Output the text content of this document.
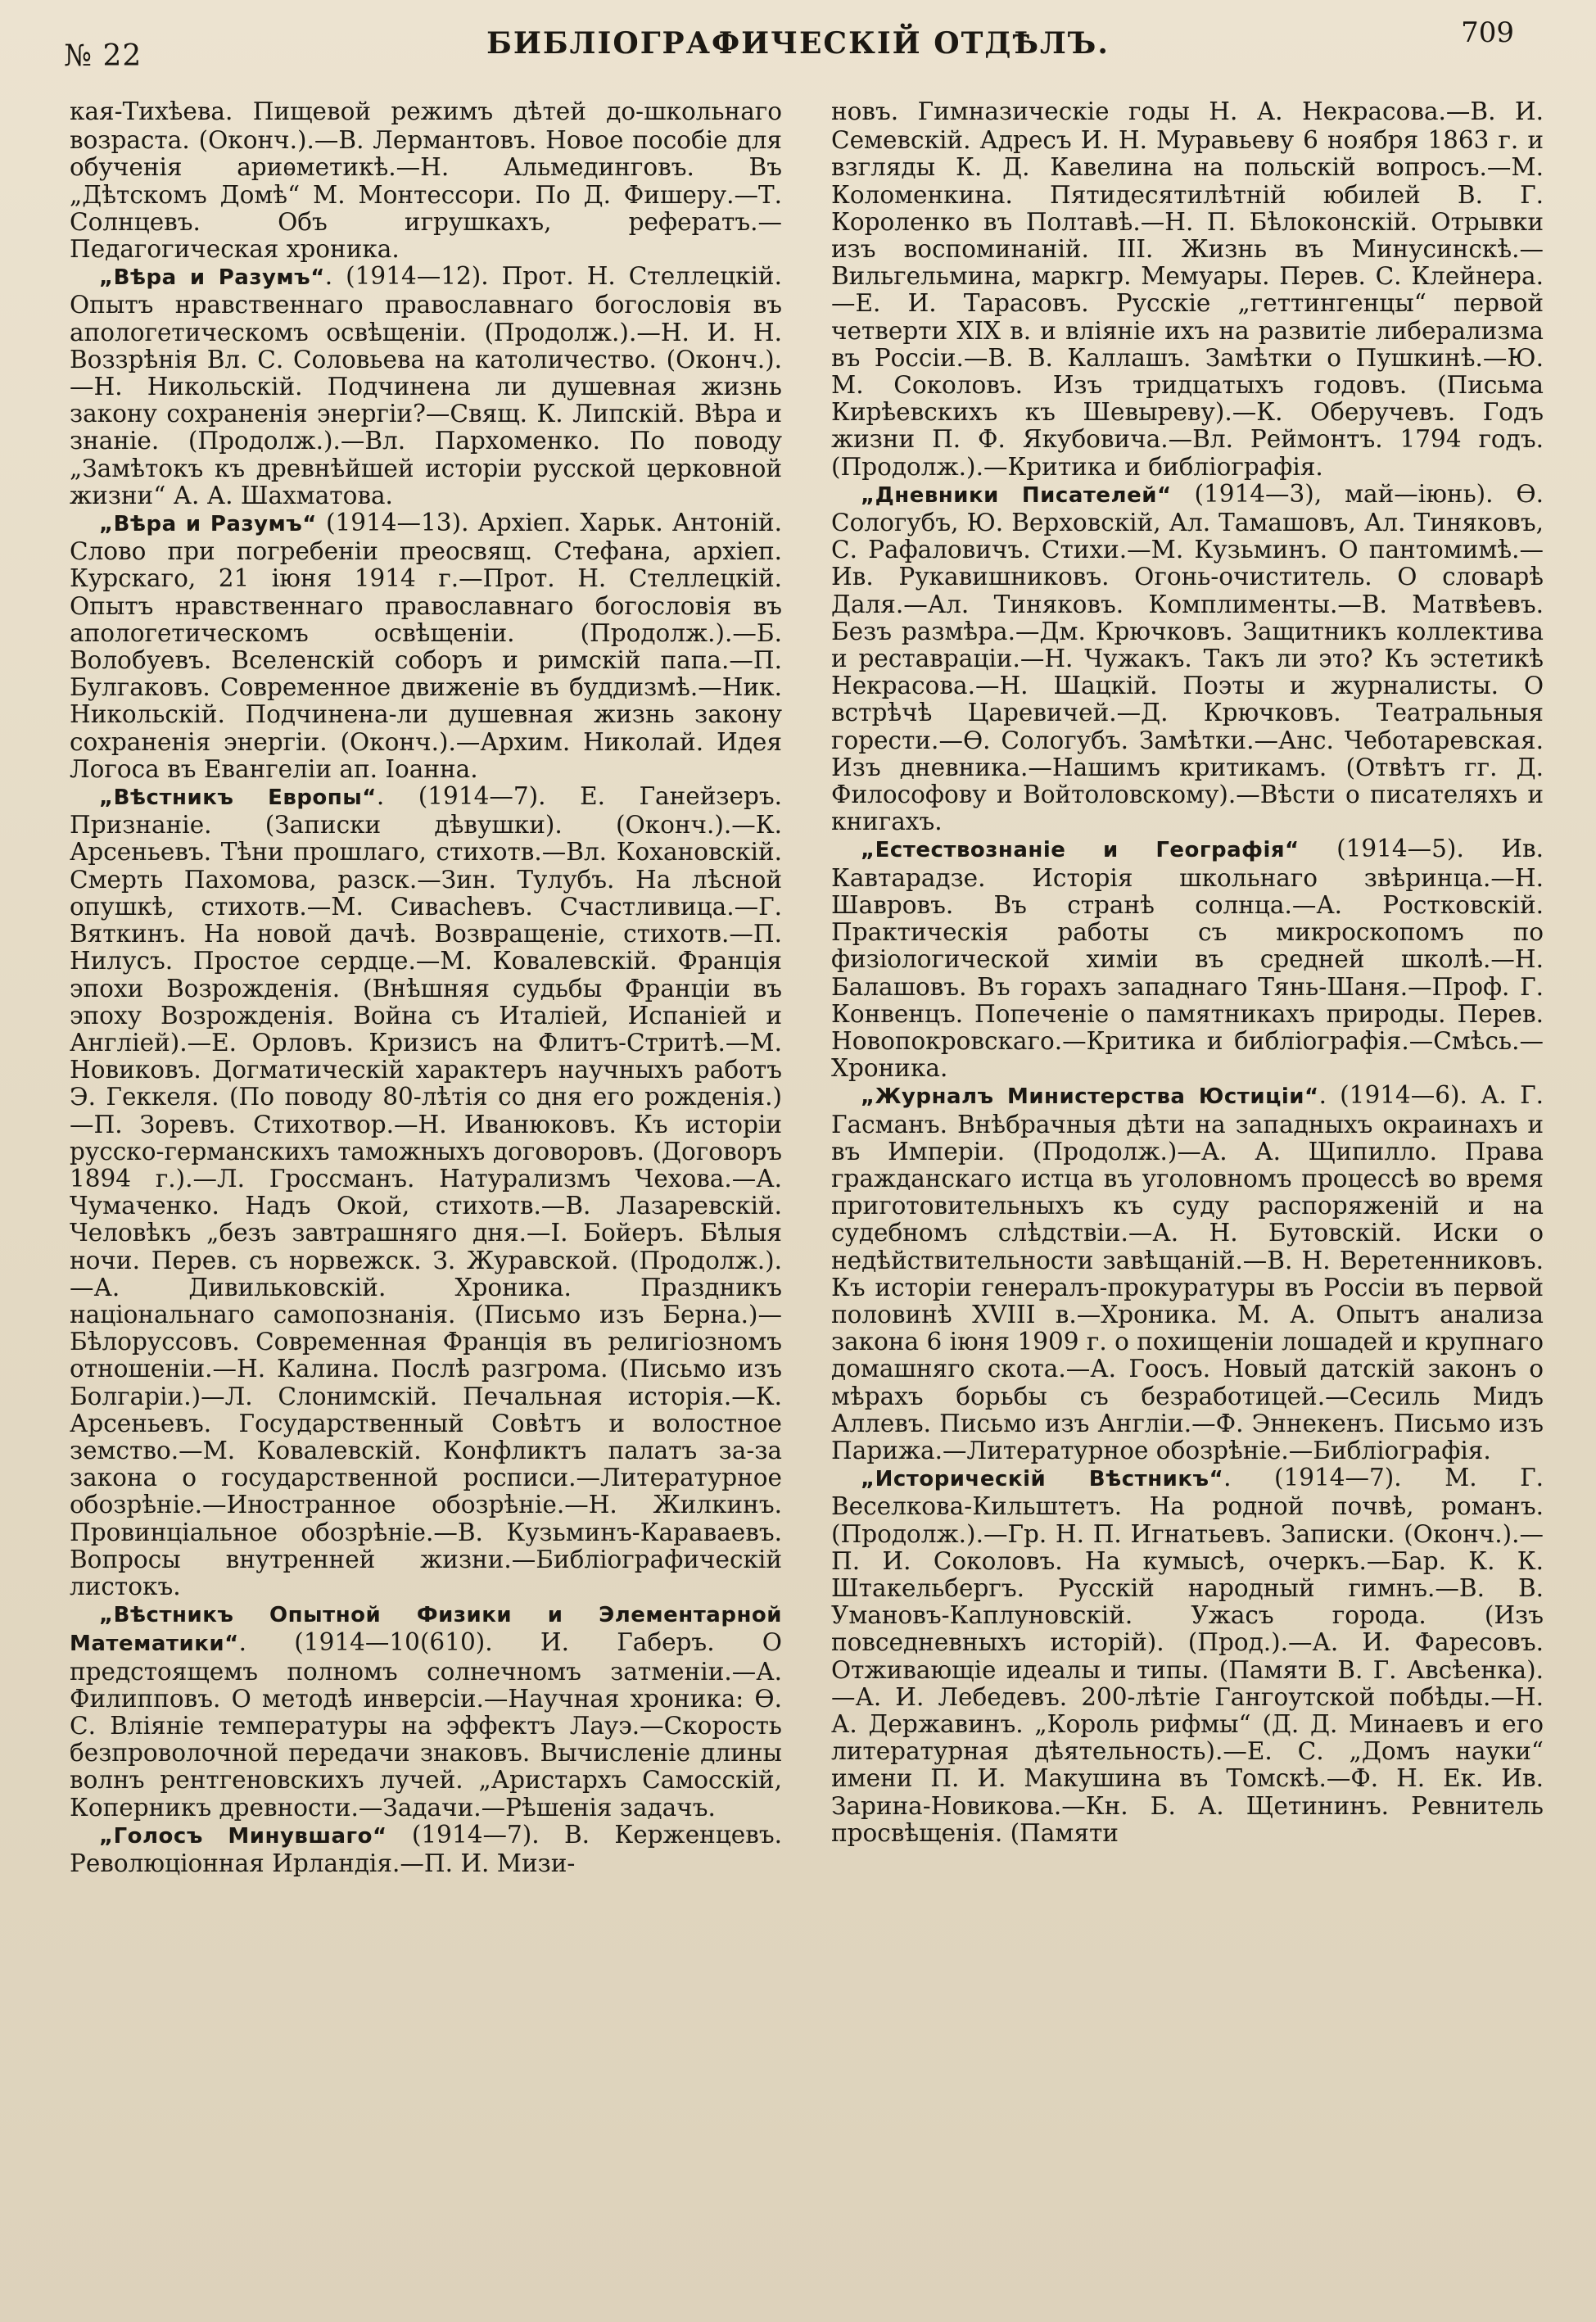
№ 22	БИБЛІОГРАФИЧЕСКІЙ ОТДѢЛЪ.	709

кая-Тихѣева. Пищевой режимъ дѣтей до-школьнаго возраста. (Оконч.).—В. Лермантовъ. Новое пособіе для обученія ариѳметикѣ.—Н. Альмединговъ. Въ „Дѣтскомъ Домѣ“ М. Монтессори. По Д. Фишеру.—Т. Солнцевъ. Объ игрушкахъ, рефератъ.—Педагогическая хроника.

„Вѣра и Разумъ“. (1914—12). Прот. Н. Стеллецкій. Опытъ нравственнаго православнаго богословія въ апологетическомъ освѣщеніи. (Продолж.).—Н. И. Н. Воззрѣнія Вл. С. Соловьева на католичество. (Оконч.).—Н. Никольскій. Подчинена ли душевная жизнь закону сохраненія энергіи?—Свящ. К. Липскій. Вѣра и знаніе. (Продолж.).—Вл. Пархоменко. По поводу „Замѣтокъ къ древнѣйшей исторіи русской церковной жизни“ А. А. Шахматова.

„Вѣра и Разумъ“ (1914—13). Архіеп. Харьк. Антоній. Слово при погребеніи преосвящ. Стефана, архіеп. Курскаго, 21 іюня 1914 г.—Прот. Н. Стеллецкій. Опытъ нравственнаго православнаго богословія въ апологетическомъ освѣщеніи. (Продолж.).—Б. Волобуевъ. Вселенскій соборъ и римскій папа.—П. Булгаковъ. Современное движеніе въ буддизмѣ.—Ник. Никольскій. Подчинена-ли душевная жизнь закону сохраненія энергіи. (Оконч.).—Архим. Николай. Идея Логоса въ Евангеліи ап. Іоанна.

„Вѣстникъ Европы“. (1914—7). Е. Ганейзеръ. Признаніе. (Записки дѣвушки). (Оконч.).—К. Арсеньевъ. Тѣни прошлаго, стихотв.—Вл. Кохановскій. Смерть Пахомова, разск.—Зин. Тулубъ. На лѣсной опушкѣ, стихотв.—М. Сиваchевъ. Счастливица.—Г. Вяткинъ. На новой дачѣ. Возвращеніе, стихотв.—П. Нилусъ. Простое сердце.—М. Ковалевскій. Франція эпохи Возрожденія. (Внѣшняя судьбы Франціи въ эпоху Возрожденія. Война съ Италіей, Испаніей и Англіей).—Е. Орловъ. Кризисъ на Флитъ-Стритѣ.—М. Новиковъ. Догматическій характеръ научныхъ работъ Э. Геккеля. (По поводу 80-лѣтія со дня его рожденія.)—П. Зоревъ. Стихотвор.—Н. Иванюковъ. Къ исторіи русско-германскихъ таможныхъ договоровъ. (Договоръ 1894 г.).—Л. Гроссманъ. Натурализмъ Чехова.—А. Чумаченко. Надъ Окой, стихотв.—В. Лазаревскій. Человѣкъ „безъ завтрашняго дня.—І. Бойеръ. Бѣлыя ночи. Перев. съ норвежск. З. Журавской. (Продолж.).—А. Дивильковскій. Хроника. Праздникъ національнаго самопознанія. (Письмо изъ Берна.)—Бѣлоруссовъ. Современная Франція въ религіозномъ отношеніи.—Н. Калина. Послѣ разгрома. (Письмо изъ Болгаріи.)—Л. Слонимскій. Печальная исторія.—К. Арсеньевъ. Государственный Совѣтъ и волостное земство.—М. Ковалевскій. Конфликтъ палатъ за-за закона о государственной росписи.—Литературное обозрѣніе.—Иностранное обозрѣніе.—Н. Жилкинъ. Провинціальное обозрѣніе.—В. Кузьминъ-Караваевъ. Вопросы внутренней жизни.—Библіографическій листокъ.

„Вѣстникъ Опытной Физики и Элементарной Математики“. (1914—10(610). И. Габеръ. О предстоящемъ полномъ солнечномъ затменіи.—А. Филипповъ. О методѣ инверсіи.—Научная хроника: Ѳ. С. Вліяніе температуры на эффектъ Лауэ.—Скорость безпроволочной передачи знаковъ. Вычисленіе длины волнъ рентгеновскихъ лучей. „Аристархъ Самосскій, Коперникъ древности.—Задачи.—Рѣшенія задачъ.

„Голосъ Минувшаго“ (1914—7). В. Керженцевъ. Революціонная Ирландія.—П. И. Мизи-

новъ. Гимназическіе годы Н. А. Некрасова.—В. И. Семевскій. Адресъ И. Н. Муравьеву 6 ноября 1863 г. и взгляды К. Д. Кавелина на польскій вопросъ.—М. Коломенкина. Пятидесятилѣтній юбилей В. Г. Короленко въ Полтавѣ.—Н. П. Бѣлоконскій. Отрывки изъ воспоминаній. III. Жизнь въ Минусинскѣ.—Вильгельмина, маркгр. Мемуары. Перев. С. Клейнера.—Е. И. Тарасовъ. Русскіе „геттингенцы“ первой четверти XIX в. и вліяніе ихъ на развитіе либерализма въ Россіи.—В. В. Каллашъ. Замѣтки о Пушкинѣ.—Ю. М. Соколовъ. Изъ тридцатыхъ годовъ. (Письма Кирѣевскихъ къ Шевыреву).—К. Оберучевъ. Годъ жизни П. Ф. Якубовича.—Вл. Реймонтъ. 1794 годъ. (Продолж.).—Критика и библіографія.

„Дневники Писателей“ (1914—3), май—іюнь). Ѳ. Сологубъ, Ю. Верховскій, Ал. Тамашовъ, Ал. Тиняковъ, С. Рафаловичъ. Стихи.—М. Кузьминъ. О пантомимѣ.—Ив. Рукавишниковъ. Огонь-очиститель. О словарѣ Даля.—Ал. Тиняковъ. Комплименты.—В. Матвѣевъ. Безъ размѣра.—Дм. Крючковъ. Защитникъ коллектива и реставраціи.—Н. Чужакъ. Такъ ли это? Къ эстетикѣ Некрасова.—Н. Шацкій. Поэты и журналисты. О встрѣчѣ Царевичей.—Д. Крючковъ. Театральныя горести.—Ѳ. Сологубъ. Замѣтки.—Анс. Чеботаревская. Изъ дневника.—Нашимъ критикамъ. (Отвѣтъ гг. Д. Философову и Войтоловскому).—Вѣсти о писателяхъ и книгахъ.

„Естествознаніе и Географія“ (1914—5). Ив. Кавтарадзе. Исторія школьнаго звѣринца.—Н. Шавровъ. Въ странѣ солнца.—А. Ростковскій. Практическія работы съ микроскопомъ по физіологической химіи въ средней школѣ.—Н. Балашовъ. Въ горахъ западнаго Тянь-Шаня.—Проф. Г. Конвенцъ. Попеченіе о памятникахъ природы. Перев. Новопокровскаго.—Критика и библіографія.—Смѣсь.—Хроника.

„Журналъ Министерства Юстиціи“. (1914—6). А. Г. Гасманъ. Внѣбрачныя дѣти на западныхъ окраинахъ и въ Имперіи. (Продолж.)—А. А. Щипилло. Права гражданскаго истца въ уголовномъ процессѣ во время приготовительныхъ къ суду распоряженій и на судебномъ слѣдствіи.—А. Н. Бутовскій. Иски о недѣйствительности завѣщаній.—В. Н. Веретенниковъ. Къ исторіи генералъ-прокуратуры въ Россіи въ первой половинѣ XVIII в.—Хроника. М. А. Опытъ анализа закона 6 іюня 1909 г. о похищеніи лошадей и крупнаго домашняго скота.—А. Гоосъ. Новый датскій законъ о мѣрахъ борьбы съ безработицей.—Сесиль Мидъ Аллевъ. Письмо изъ Англіи.—Ф. Эннекенъ. Письмо изъ Парижа.—Литературное обозрѣніе.—Библіографія.

„Историческій Вѣстникъ“. (1914—7). М. Г. Веселкова-Кильштетъ. На родной почвѣ, романъ. (Продолж.).—Гр. Н. П. Игнатьевъ. Записки. (Оконч.).—П. И. Соколовъ. На кумысѣ, очеркъ.—Бар. К. К. Штакельбергъ. Русскій народный гимнъ.—В. В. Умановъ-Каплуновскій. Ужасъ города. (Изъ повседневныхъ исторій). (Прод.).—А. И. Фаресовъ. Отживающіе идеалы и типы. (Памяти В. Г. Авсѣенка).—А. И. Лебедевъ. 200-лѣтіе Гангоутской побѣды.—Н. А. Державинъ. „Король рифмы“ (Д. Д. Минаевъ и его литературная дѣятельность).—Е. С. „Домъ науки“ имени П. И. Макушина въ Томскѣ.—Ф. Н. Ек. Ив. Зарина-Новикова.—Кн. Б. А. Щетининъ. Ревнитель просвѣщенія. (Памяти
